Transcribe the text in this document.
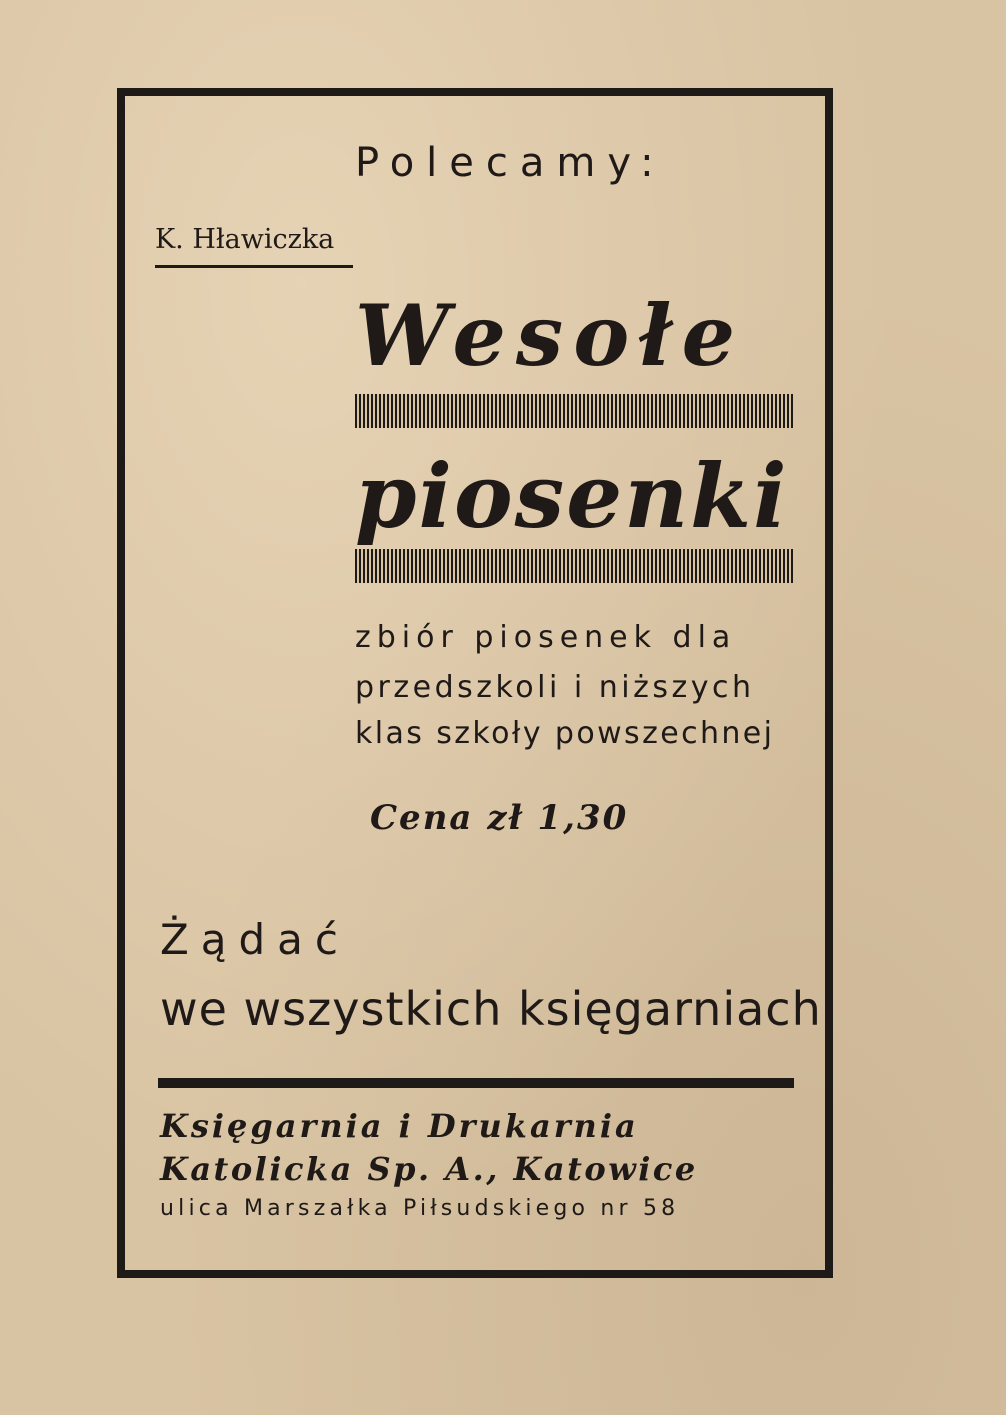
Polecamy:

K. Hławiczka

Wesołe

piosenki

zbiór piosenek dla

przedszkoli i niższych

klas szkoły powszechnej

Cena zł 1,30

Żądać

we wszystkich księgarniach

Księgarnia i Drukarnia

Katolicka Sp. A., Katowice

ulica Marszałka Piłsudskiego nr 58
